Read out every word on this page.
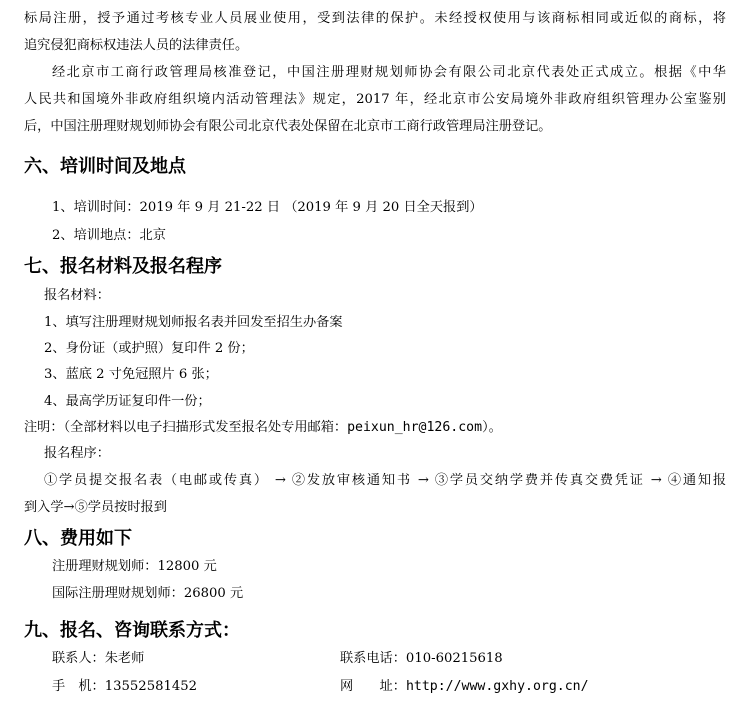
标局注册，授予通过考核专业人员展业使用，受到法律的保护。未经授权使用与该商标相同或近似的商标，将
追究侵犯商标权违法人员的法律责任。
经北京市工商行政管理局核准登记，中国注册理财规划师协会有限公司北京代表处正式成立。根据《中华
人民共和国境外非政府组织境内活动管理法》规定，2017 年，经北京市公安局境外非政府组织管理办公室鉴别
后，中国注册理财规划师协会有限公司北京代表处保留在北京市工商行政管理局注册登记。
六、培训时间及地点
1、培训时间：2019 年 9 月 21-22 日 （2019 年 9 月 20 日全天报到）
2、培训地点：北京
七、报名材料及报名程序
报名材料：
1、填写注册理财规划师报名表并回发至招生办备案
2、身份证（或护照）复印件 2 份；
3、蓝底 2 寸免冠照片 6 张；
4、最高学历证复印件一份；
注明：（全部材料以电子扫描形式发至报名处专用邮箱：peixun_hr@126.com）。
报名程序：
①学员提交报名表（电邮或传真） → ②发放审核通知书 → ③学员交纳学费并传真交费凭证 → ④通知报
到入学→⑤学员按时报到
八、费用如下
注册理财规划师：12800 元
国际注册理财规划师：26800 元
九、报名、咨询联系方式：
联系人：朱老师	联系电话：010-60215618
手　机：13552581452	网　　址：http://www.gxhy.org.cn/
